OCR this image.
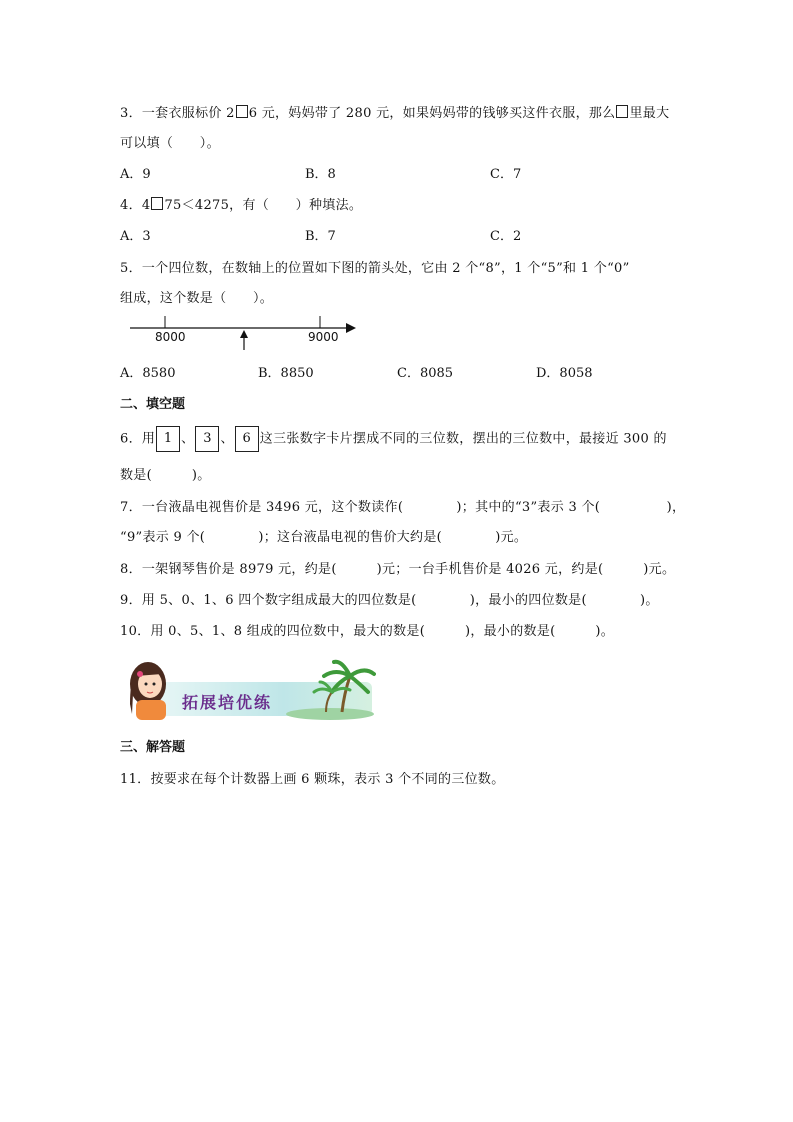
3．一套衣服标价 2 6 元，妈妈带了 280 元，如果妈妈带的钱够买这件衣服，那么 里最大
可以填（　　）。
A．9	B．8	C．7
4．4 75＜4275，有（　　）种填法。
A．3	B．7	C．2
5．一个四位数，在数轴上的位置如下图的箭头处，它由 2 个“8”，1 个“5”和 1 个“0”
组成，这个数是（　　）。
8000	9000
A．8580	B．8850	C．8085	D．8058
二、填空题
6．用 1 、 3 、 6 这三张数字卡片摆成不同的三位数，摆出的三位数中，最接近 300 的
数是(　　　)。
7．一台液晶电视售价是 3496 元，这个数读作(　　　　)；其中的“3”表示 3 个(　　　　　)，
“9”表示 9 个(　　　　)；这台液晶电视的售价大约是(　　　　)元。
8．一架钢琴售价是 8979 元，约是(　　　)元；一台手机售价是 4026 元，约是(　　　)元。
9．用 5、0、1、6 四个数字组成最大的四位数是(　　　　)，最小的四位数是(　　　　)。
10．用 0、5、1、8 组成的四位数中，最大的数是(　　　)，最小的数是(　　　)。
拓展培优练
三、解答题
11．按要求在每个计数器上画 6 颗珠，表示 3 个不同的三位数。
